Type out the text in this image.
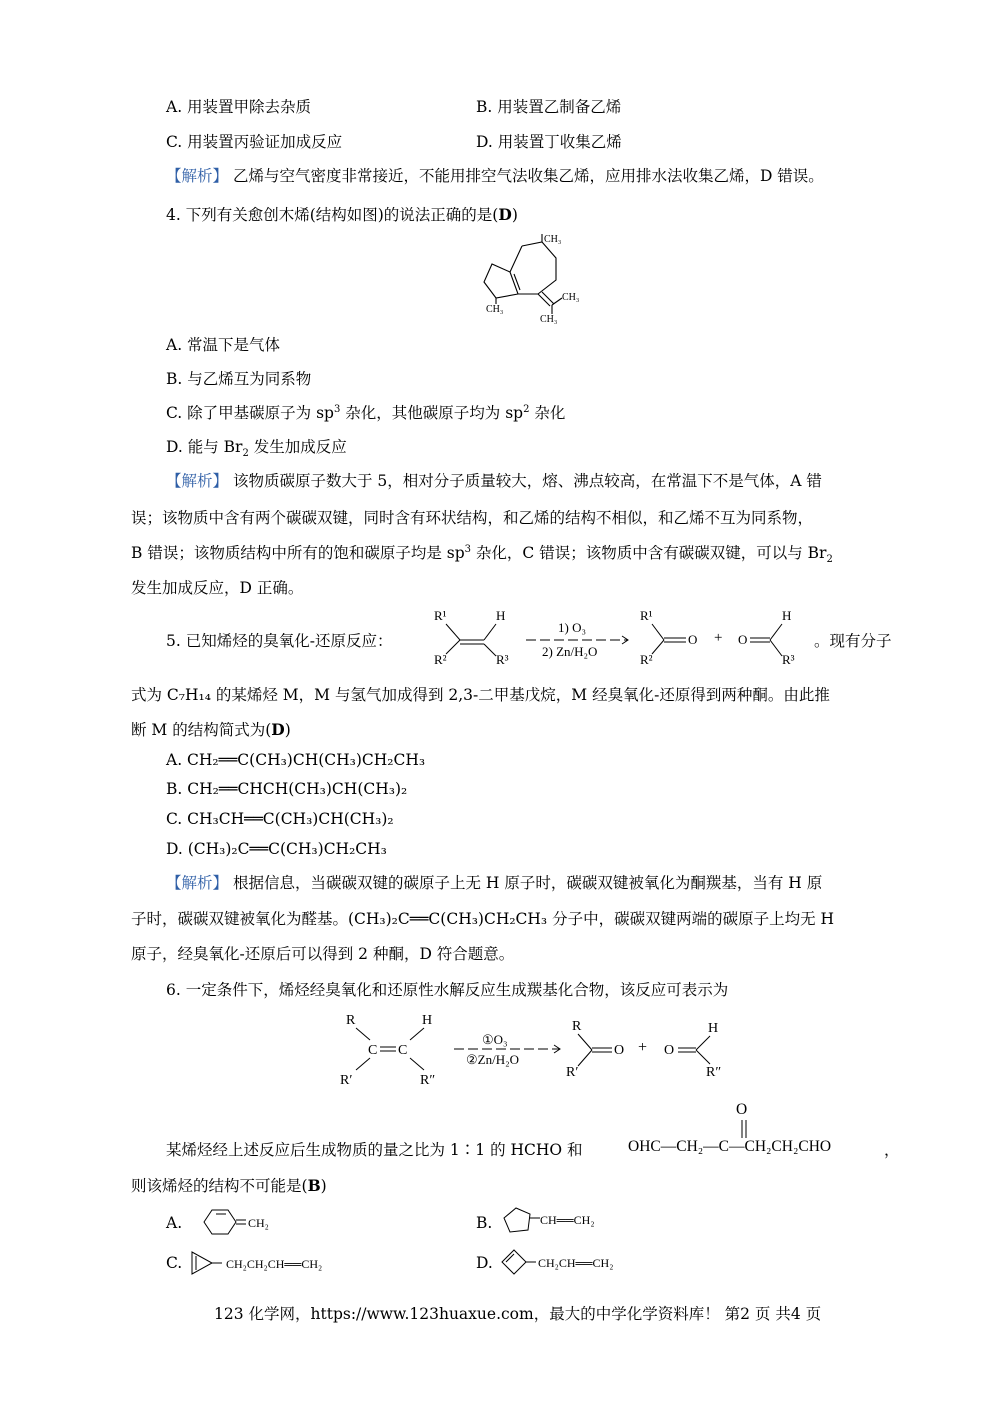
A. 用装置甲除去杂质	B. 用装置乙制备乙烯
C. 用装置丙验证加成反应	D. 用装置丁收集乙烯
【解析】 乙烯与空气密度非常接近，不能用排空气法收集乙烯，应用排水法收集乙烯，D 错误。
4. 下列有关愈创木烯(结构如图)的说法正确的是(D)
CH₃
CH₃
CH₃
CH₃
A. 常温下是气体
B. 与乙烯互为同系物
C. 除了甲基碳原子为 $sp^3$ 杂化，其他碳原子均为 $sp^2$ 杂化
D. 能与 $Br_2$ 发生加成反应
【解析】 该物质碳原子数大于 5，相对分子质量较大，熔、沸点较高，在常温下不是气体，A 错
误；该物质中含有两个碳碳双键，同时含有环状结构，和乙烯的结构不相似，和乙烯不互为同系物，
B 错误；该物质结构中所有的饱和碳原子均是 $sp^3$ 杂化，C 错误；该物质中含有碳碳双键，可以与 $Br_2$
发生加成反应，D 正确。
5. 已知烯烃的臭氧化-还原反应：
R¹	H
R²	R³
1) O₃
2) Zn/H₂O
R¹
R²
O + O
H
R³
。现有分子
式为 C₇H₁₄ 的某烯烃 M，M 与氢气加成得到 2,3-二甲基戊烷，M 经臭氧化-还原得到两种酮。由此推
断 M 的结构简式为(D)
A. CH₂══C(CH₃)CH(CH₃)CH₂CH₃
B. CH₂══CHCH(CH₃)CH(CH₃)₂
C. CH₃CH══C(CH₃)CH(CH₃)₂
D. (CH₃)₂C══C(CH₃)CH₂CH₃
【解析】 根据信息，当碳碳双键的碳原子上无 H 原子时，碳碳双键被氧化为酮羰基，当有 H 原
子时，碳碳双键被氧化为醛基。(CH₃)₂C══C(CH₃)CH₂CH₃ 分子中，碳碳双键两端的碳原子上均无 H
原子，经臭氧化-还原后可以得到 2 种酮，D 符合题意。
6. 一定条件下，烯烃经臭氧化和还原性水解反应生成羰基化合物，该反应可表示为
R	H
C C
R′	R″
①O₃
②Zn/H₂O
R
R′
O + O
H
R″
某烯烃经上述反应后生成物质的量之比为 1∶1 的 HCHO 和	OHC—CH₂—C—CH₂CH₂CHO
O
，
则该烯烃的结构不可能是(B)
A.	CH₂	B.	CH══CH₂
C.	CH₂CH₂CH══CH₂	D.	CH₂CH══CH₂
123 化学网，https://www.123huaxue.com，最大的中学化学资料库！ 第2 页 共4 页
